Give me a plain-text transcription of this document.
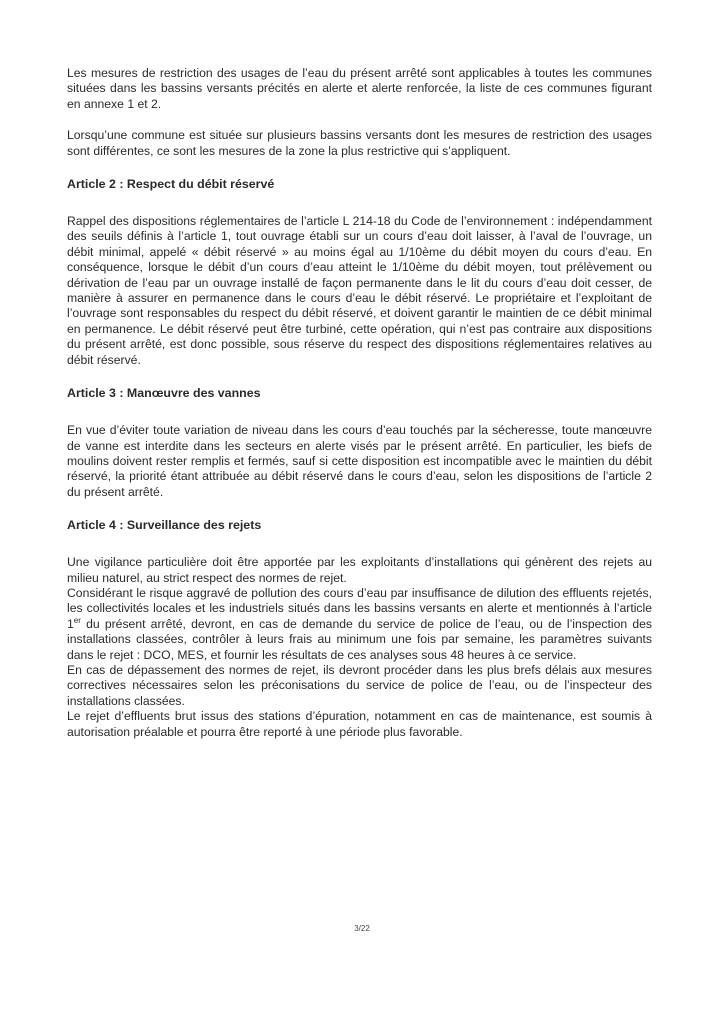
Les mesures de restriction des usages de l’eau du présent arrêté sont applicables à toutes les communes situées dans les bassins versants précités en alerte et alerte renforcée, la liste de ces communes figurant en annexe 1 et 2.

Lorsqu’une commune est située sur plusieurs bassins versants dont les mesures de restriction des usages sont différentes, ce sont les mesures de la zone la plus restrictive qui s’appliquent.

Article 2 : Respect du débit réservé

Rappel des dispositions réglementaires de l’article L 214-18 du Code de l’environnement : indépendamment des seuils définis à l’article 1, tout ouvrage établi sur un cours d’eau doit laisser, à l’aval de l’ouvrage, un débit minimal, appelé « débit réservé » au moins égal au 1/10ème du débit moyen du cours d’eau. En conséquence, lorsque le débit d’un cours d’eau atteint le 1/10ème du débit moyen, tout prélèvement ou dérivation de l’eau par un ouvrage installé de façon permanente dans le lit du cours d’eau doit cesser, de manière à assurer en permanence dans le cours d’eau le débit réservé. Le propriétaire et l’exploitant de l’ouvrage sont responsables du respect du débit réservé, et doivent garantir le maintien de ce débit minimal en permanence. Le débit réservé peut être turbiné, cette opération, qui n’est pas contraire aux dispositions du présent arrêté, est donc possible, sous réserve du respect des dispositions réglementaires relatives au débit réservé.

Article 3 : Manœuvre des vannes

En vue d’éviter toute variation de niveau dans les cours d’eau touchés par la sécheresse, toute manœuvre de vanne est interdite dans les secteurs en alerte visés par le présent arrêté. En particulier, les biefs de moulins doivent rester remplis et fermés, sauf si cette disposition est incompatible avec le maintien du débit réservé, la priorité étant attribuée au débit réservé dans le cours d’eau, selon les dispositions de l’article 2 du présent arrêté.

Article 4 : Surveillance des rejets

Une vigilance particulière doit être apportée par les exploitants d’installations qui génèrent des rejets au milieu naturel, au strict respect des normes de rejet.

Considérant le risque aggravé de pollution des cours d’eau par insuffisance de dilution des effluents rejetés, les collectivités locales et les industriels situés dans les bassins versants en alerte et mentionnés à l’article 1er du présent arrêté, devront, en cas de demande du service de police de l’eau, ou de l’inspection des installations classées, contrôler à leurs frais au minimum une fois par semaine, les paramètres suivants dans le rejet : DCO, MES, et fournir les résultats de ces analyses sous 48 heures à ce service.

En cas de dépassement des normes de rejet, ils devront procéder dans les plus brefs délais aux mesures correctives nécessaires selon les préconisations du service de police de l’eau, ou de l’inspecteur des installations classées.

Le rejet d’effluents brut issus des stations d’épuration, notamment en cas de maintenance, est soumis à autorisation préalable et pourra être reporté à une période plus favorable.

3/22
